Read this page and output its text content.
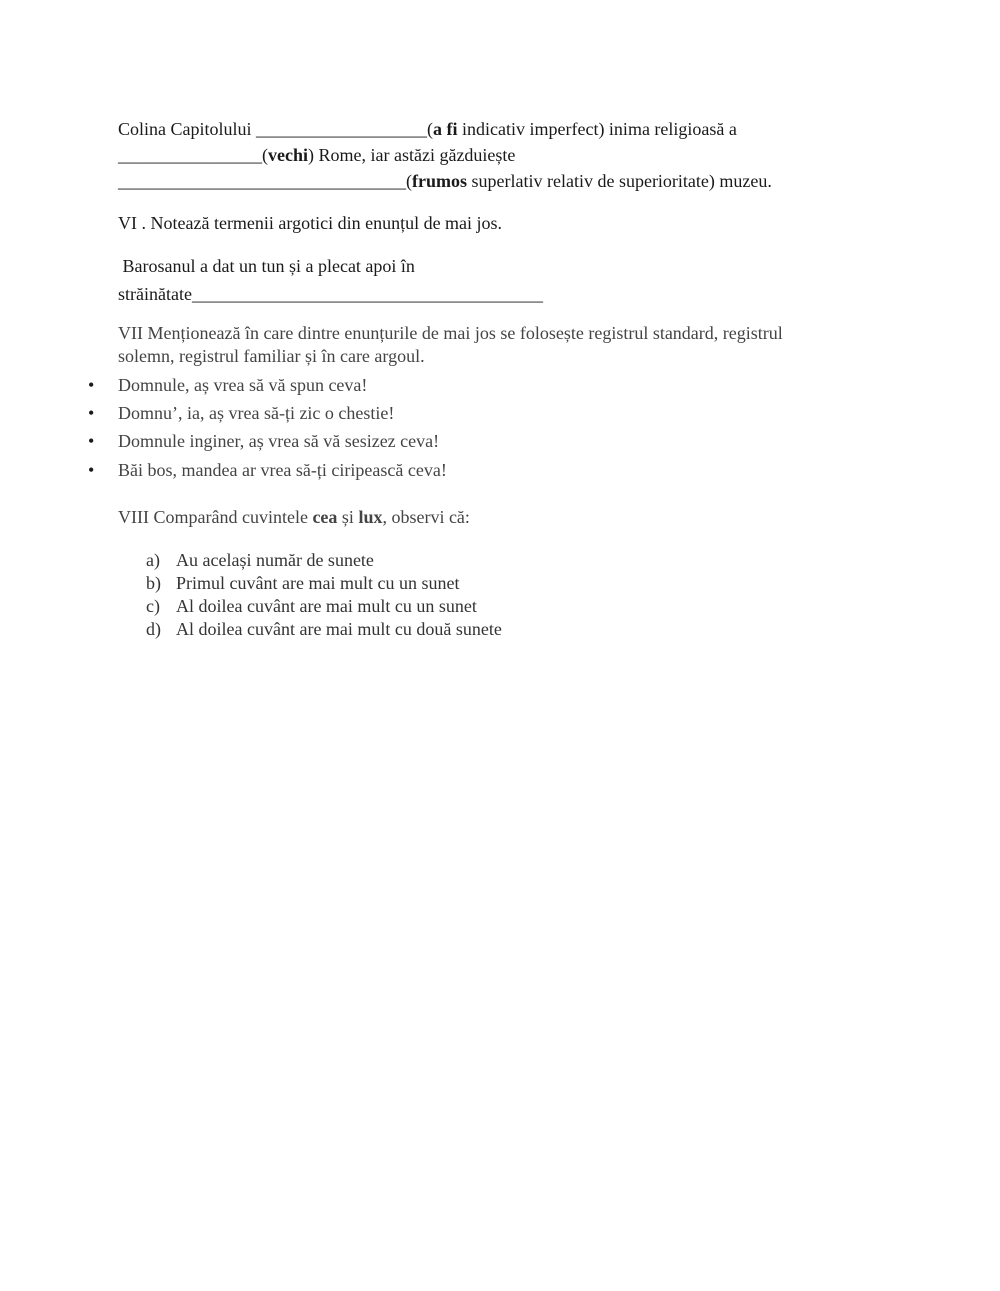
Colina Capitolului ___________________(a fi indicativ imperfect) inima religioasă a
________________(vechi) Rome, iar astăzi găzduiește
________________________________(frumos superlativ relativ de superioritate) muzeu.
VI . Notează termenii argotici din enunțul de mai jos.
Barosanul a dat un tun și a plecat apoi în
străinătate_______________________________________
VII Menționează în care dintre enunțurile de mai jos se folosește registrul standard, registrul
solemn, registrul familiar și în care argoul.
• Domnule, aș vrea să vă spun ceva!
• Domnu’, ia, aș vrea să-ți zic o chestie!
• Domnule inginer, aș vrea să vă sesizez ceva!
• Băi bos, mandea ar vrea să-ți ciripească ceva!
VIII Comparând cuvintele cea și lux, observi că:
a) Au același număr de sunete
b) Primul cuvânt are mai mult cu un sunet
c) Al doilea cuvânt are mai mult cu un sunet
d) Al doilea cuvânt are mai mult cu două sunete
